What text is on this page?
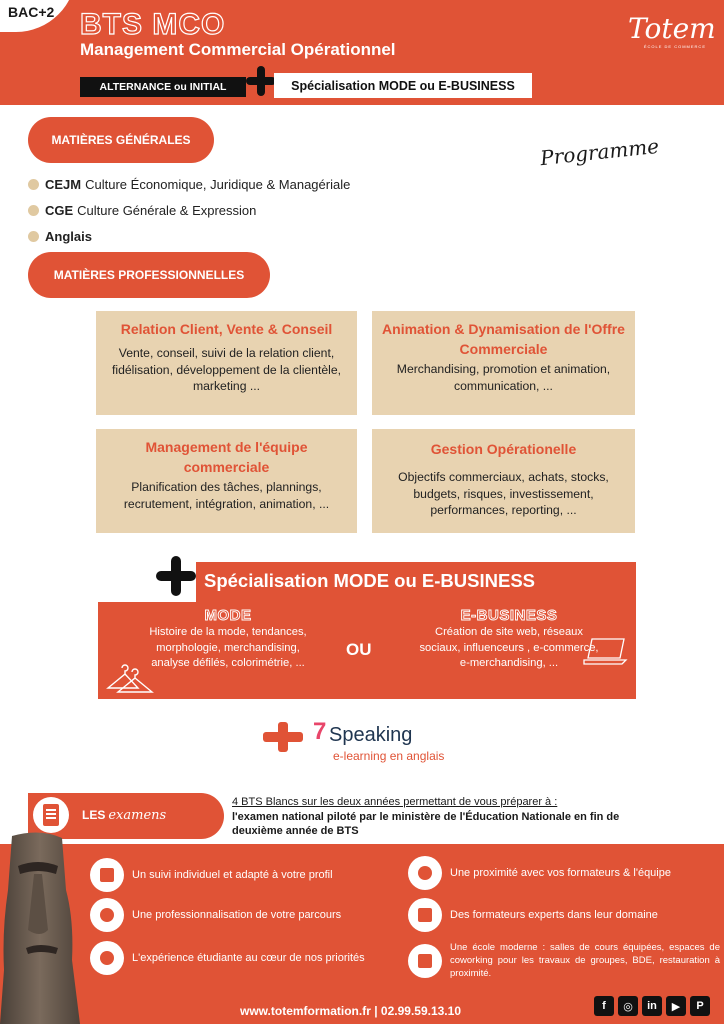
BAC+2 BTS MCO
Management Commercial Opérationnel
ALTERNANCE ou INITIAL	Spécialisation MODE ou E-BUSINESS
Totem
ÉCOLE DE COMMERCE
MATIÈRES GÉNÉRALES	Programme
CEJM Culture Économique, Juridique & Managériale
CGE Culture Générale & Expression
Anglais
MATIÈRES PROFESSIONNELLES
Relation Client, Vente & Conseil

Vente, conseil, suivi de la relation client, fidélisation, développement de la clientèle, marketing ...

Animation & Dynamisation de l'Offre Commerciale

Merchandising, promotion et animation, communication, ...

Management de l'équipe commerciale

Planification des tâches, plannings, recrutement, intégration, animation, ...

Gestion Opérationelle

Objectifs commerciaux, achats, stocks, budgets, risques, investissement, performances, reporting, ...

Spécialisation MODE ou E-BUSINESS
MODE
Histoire de la mode, tendances, morphologie, merchandising, analyse défilés, colorimétrie, ...
OU
E-BUSINESS
Création de site web, réseaux sociaux, influenceurs , e-commerce, e-merchandising, ...
7 Speaking
e-learning en anglais
LES examens
4 BTS Blancs sur les deux années permettant de vous préparer à :
l'examen national piloté par le ministère de l'Éducation Nationale en fin de deuxième année de BTS
Un suivi individuel et adapté à votre profil
Une professionnalisation de votre parcours
L'expérience étudiante au cœur de nos priorités
Une proximité avec vos formateurs & l'équipe
Des formateurs experts dans leur domaine
Une école moderne : salles de cours équipées, espaces de coworking pour les travaux de groupes, BDE, restauration à proximité.
www.totemformation.fr | 02.99.59.13.10	f	◎	in	▶	P
